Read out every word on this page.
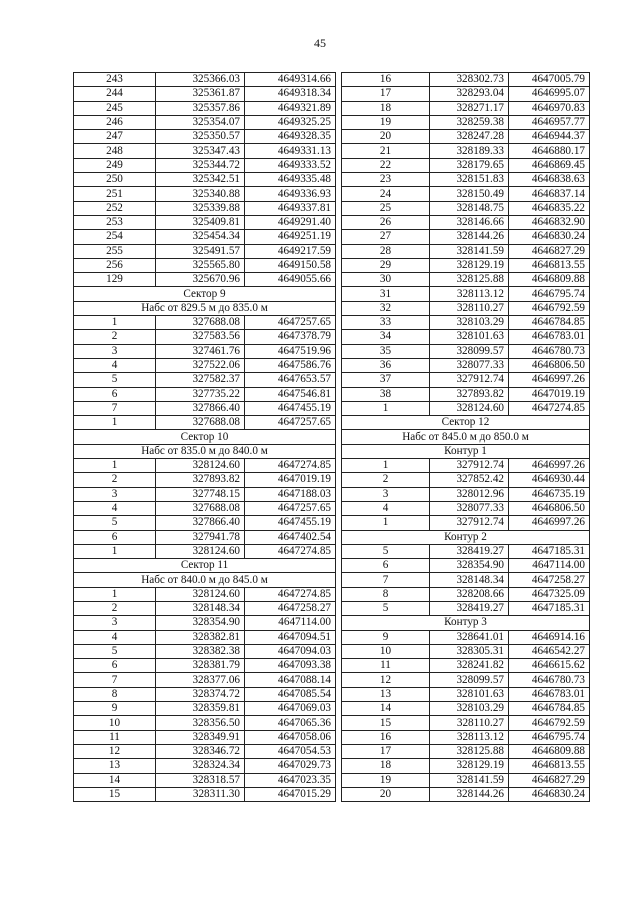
45
243	325366.03	4649314.66
244	325361.87	4649318.34
245	325357.86	4649321.89
246	325354.07	4649325.25
247	325350.57	4649328.35
248	325347.43	4649331.13
249	325344.72	4649333.52
250	325342.51	4649335.48
251	325340.88	4649336.93
252	325339.88	4649337.81
253	325409.81	4649291.40
254	325454.34	4649251.19
255	325491.57	4649217.59
256	325565.80	4649150.58
129	325670.96	4649055.66
Сектор 9		
Набс от 829.5 м до 835.0 м		
1	327688.08	4647257.65
2	327583.56	4647378.79
3	327461.76	4647519.96
4	327522.06	4647586.76
5	327582.37	4647653.57
6	327735.22	4647546.81
7	327866.40	4647455.19
1	327688.08	4647257.65
Сектор 10		
Набс от 835.0 м до 840.0 м		
1	328124.60	4647274.85
2	327893.82	4647019.19
3	327748.15	4647188.03
4	327688.08	4647257.65
5	327866.40	4647455.19
6	327941.78	4647402.54
1	328124.60	4647274.85
Сектор 11		
Набс от 840.0 м до 845.0 м		
1	328124.60	4647274.85
2	328148.34	4647258.27
3	328354.90	4647114.00
4	328382.81	4647094.51
5	328382.38	4647094.03
6	328381.79	4647093.38
7	328377.06	4647088.14
8	328374.72	4647085.54
9	328359.81	4647069.03
10	328356.50	4647065.36
11	328349.91	4647058.06
12	328346.72	4647054.53
13	328324.34	4647029.73
14	328318.57	4647023.35
15	328311.30	4647015.29
16	328302.73	4647005.79
17	328293.04	4646995.07
18	328271.17	4646970.83
19	328259.38	4646957.77
20	328247.28	4646944.37
21	328189.33	4646880.17
22	328179.65	4646869.45
23	328151.83	4646838.63
24	328150.49	4646837.14
25	328148.75	4646835.22
26	328146.66	4646832.90
27	328144.26	4646830.24
28	328141.59	4646827.29
29	328129.19	4646813.55
30	328125.88	4646809.88
31	328113.12	4646795.74
32	328110.27	4646792.59
33	328103.29	4646784.85
34	328101.63	4646783.01
35	328099.57	4646780.73
36	328077.33	4646806.50
37	327912.74	4646997.26
38	327893.82	4647019.19
1	328124.60	4647274.85
Сектор 12		
Набс от 845.0 м до 850.0 м		
Контур 1		
1	327912.74	4646997.26
2	327852.42	4646930.44
3	328012.96	4646735.19
4	328077.33	4646806.50
1	327912.74	4646997.26
Контур 2		
5	328419.27	4647185.31
6	328354.90	4647114.00
7	328148.34	4647258.27
8	328208.66	4647325.09
5	328419.27	4647185.31
Контур 3		
9	328641.01	4646914.16
10	328305.31	4646542.27
11	328241.82	4646615.62
12	328099.57	4646780.73
13	328101.63	4646783.01
14	328103.29	4646784.85
15	328110.27	4646792.59
16	328113.12	4646795.74
17	328125.88	4646809.88
18	328129.19	4646813.55
19	328141.59	4646827.29
20	328144.26	4646830.24
